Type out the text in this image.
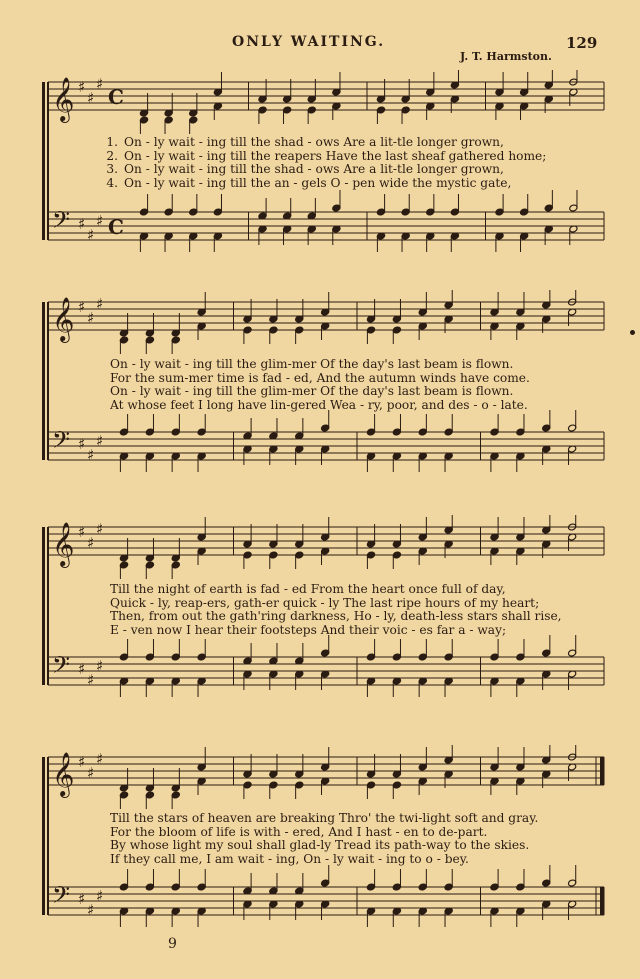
ONLY WAITING.
J. T. Harmston.
129
𝄞
𝄢
♯
♯
♯
♯
♯
♯
C
C
1. On - ly wait - ing till the shad - ows Are a lit-tle longer grown,
2. On - ly wait - ing till the reapers Have the last sheaf gathered home;
3. On - ly wait - ing till the shad - ows Are a lit-tle longer grown,
4. On - ly wait - ing till the an - gels O - pen wide the mystic gate,
𝄞
𝄢
♯
♯
♯
♯
♯
♯
On - ly wait - ing till the glim-mer Of the day's last beam is flown.
For the sum-mer time is fad - ed, And the autumn winds have come.
On - ly wait - ing till the glim-mer Of the day's last beam is flown.
At whose feet I long have lin-gered Wea - ry, poor, and des - o - late.
𝄞
𝄢
♯
♯
♯
♯
♯
♯
Till the night of earth is fad - ed From the heart once full of day,
Quick - ly, reap-ers, gath-er quick - ly The last ripe hours of my heart;
Then, from out the gath'ring darkness, Ho - ly, death-less stars shall rise,
E - ven now I hear their footsteps And their voic - es far a - way;
𝄞
𝄢
♯
♯
♯
♯
♯
♯
Till the stars of heaven are breaking Thro' the twi-light soft and gray.
For the bloom of life is with - ered, And I hast - en to de-part.
By whose light my soul shall glad-ly Tread its path-way to the skies.
If they call me, I am wait - ing, On - ly wait - ing to o - bey.
9
